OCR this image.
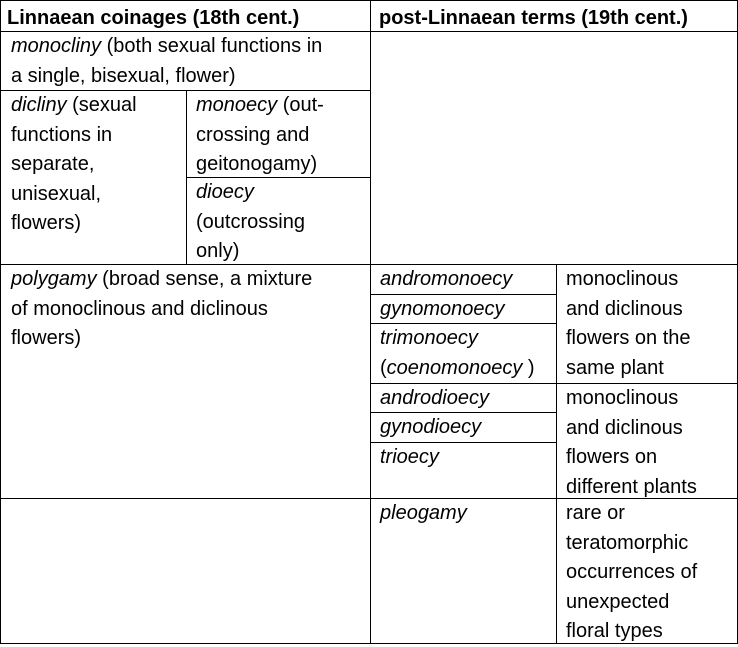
Linnaean coinages (18th cent.)	post-Linnaean terms (19th cent.)
monocliny (both sexual functions in
a single, bisexual, flower)
dicliny (sexual
functions in
separate,
unisexual,
flowers)
monoecy (out-
crossing and
geitonogamy)
dioecy
(outcrossing
only)
polygamy (broad sense, a mixture
of monoclinous and diclinous
flowers)
andromonoecy
gynomonoecy
trimonoecy
(coenomonoecy )
monoclinous
and diclinous
flowers on the
same plant
androdioecy
gynodioecy
trioecy
monoclinous
and diclinous
flowers on
different plants
pleogamy	rare or
teratomorphic
occurrences of
unexpected
floral types
